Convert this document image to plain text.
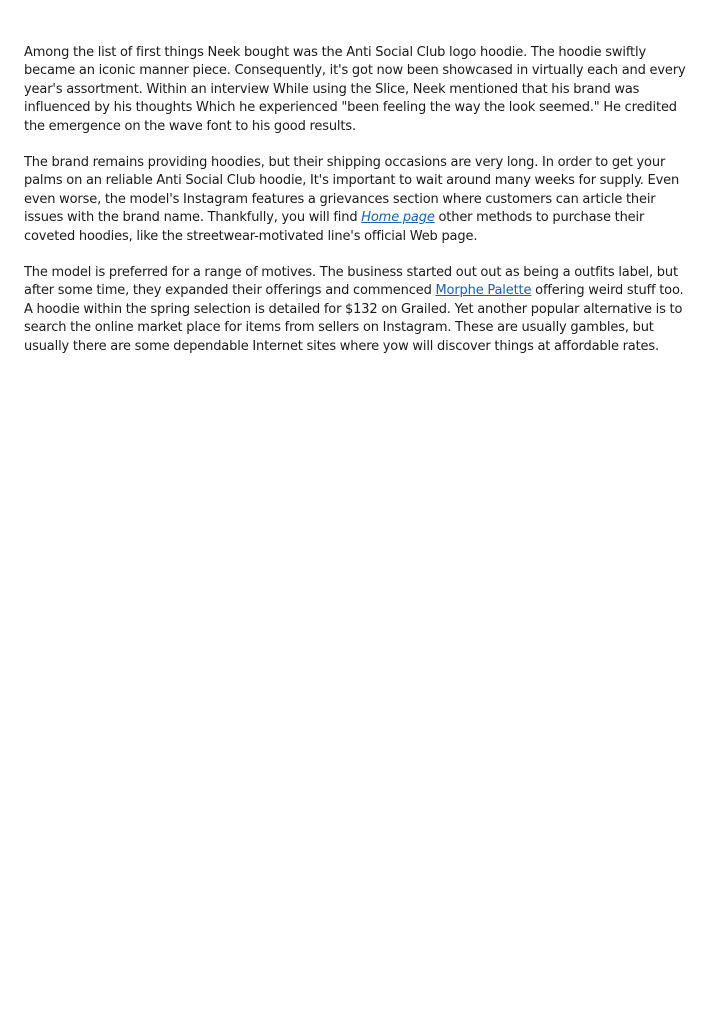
Among the list of first things Neek bought was the Anti Social Club logo hoodie. The hoodie swiftly became an iconic manner piece. Consequently, it's got now been showcased in virtually each and every year's assortment. Within an interview While using the Slice, Neek mentioned that his brand was influenced by his thoughts Which he experienced "been feeling the way the look seemed." He credited the emergence on the wave font to his good results.

The brand remains providing hoodies, but their shipping occasions are very long. In order to get your palms on an reliable Anti Social Club hoodie, It's important to wait around many weeks for supply. Even even worse, the model's Instagram features a grievances section where customers can article their issues with the brand name. Thankfully, you will find Home page other methods to purchase their coveted hoodies, like the streetwear-motivated line's official Web page.

The model is preferred for a range of motives. The business started out out as being a outfits label, but after some time, they expanded their offerings and commenced Morphe Palette offering weird stuff too. A hoodie within the spring selection is detailed for $132 on Grailed. Yet another popular alternative is to search the online market place for items from sellers on Instagram. These are usually gambles, but usually there are some dependable Internet sites where yow will discover things at affordable rates.
